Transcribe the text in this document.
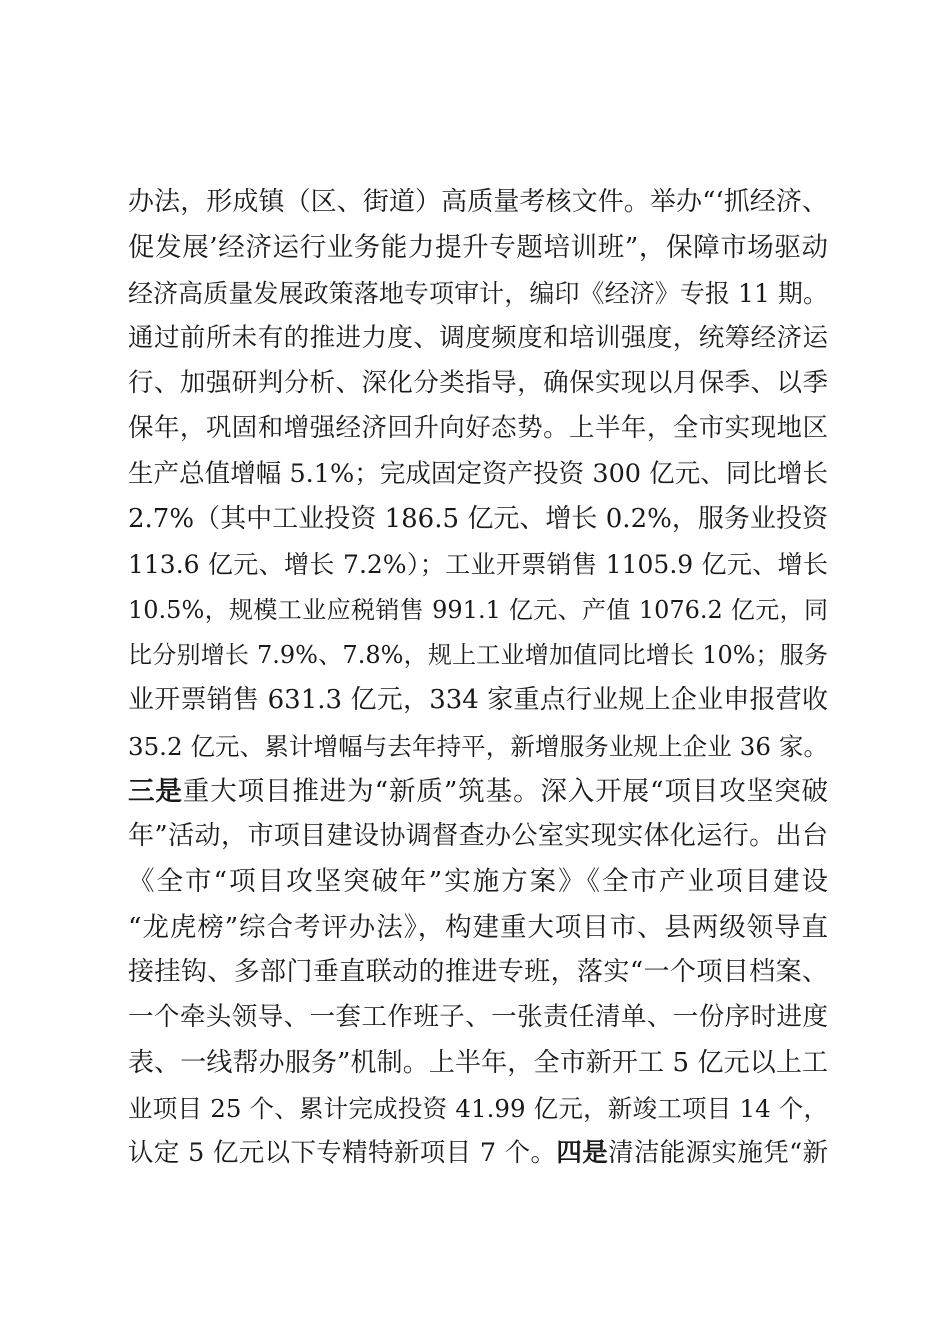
办法，形成镇（区、街道）高质量考核文件。举办“‘抓经济、
促发展’经济运行业务能力提升专题培训班”，保障市场驱动
经济高质量发展政策落地专项审计，编印《经济》专报 11 期。
通过前所未有的推进力度、调度频度和培训强度，统筹经济运
行、加强研判分析、深化分类指导，确保实现以月保季、以季
保年，巩固和增强经济回升向好态势。上半年，全市实现地区
生产总值增幅 5.1%；完成固定资产投资 300 亿元、同比增长
2.7%（其中工业投资 186.5 亿元、增长 0.2%，服务业投资
113.6 亿元、增长 7.2%）；工业开票销售 1105.9 亿元、增长
10.5%，规模工业应税销售 991.1 亿元、产值 1076.2 亿元，同
比分别增长 7.9%、7.8%，规上工业增加值同比增长 10%；服务
业开票销售 631.3 亿元，334 家重点行业规上企业申报营收
35.2 亿元、累计增幅与去年持平，新增服务业规上企业 36 家。
三是重大项目推进为“新质”筑基。深入开展“项目攻坚突破
年”活动，市项目建设协调督查办公室实现实体化运行。出台
《全市“项目攻坚突破年”实施方案》《全市产业项目建设
“龙虎榜”综合考评办法》，构建重大项目市、县两级领导直
接挂钩、多部门垂直联动的推进专班，落实“一个项目档案、
一个牵头领导、一套工作班子、一张责任清单、一份序时进度
表、一线帮办服务”机制。上半年，全市新开工 5 亿元以上工
业项目 25 个、累计完成投资 41.99 亿元，新竣工项目 14 个，
认定 5 亿元以下专精特新项目 7 个。四是清洁能源实施凭“新
